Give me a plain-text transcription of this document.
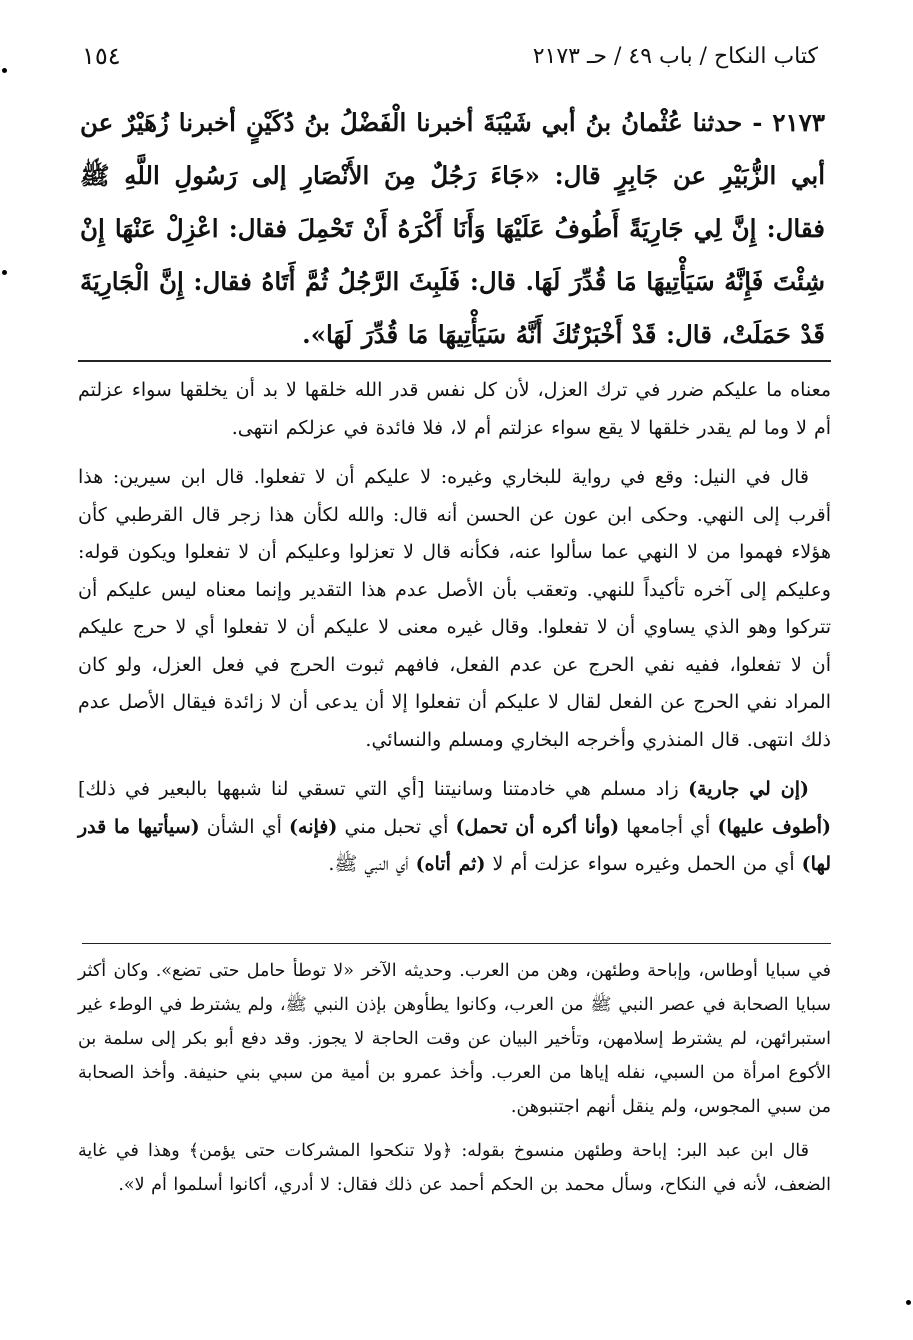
١٥٤	كتاب النكاح / باب ٤٩ / حـ ٢١٧٣
٢١٧٣ - حدثنا عُثْمانُ بنُ أبي شَيْبَةَ أخبرنا الْفَضْلُ بنُ دُكَيْنٍ أخبرنا زُهَيْرٌ عن أبي الزُّبَيْرِ عن جَابِرٍ قال: «جَاءَ رَجُلٌ مِنَ الأَنْصَارِ إلى رَسُولِ اللَّهِ ﷺ فقال: إِنَّ لِي جَارِيَةً أَطُوفُ عَلَيْهَا وَأَنَا أَكْرَهُ أَنْ تَحْمِلَ فقال: اعْزِلْ عَنْهَا إِنْ شِئْتَ فَإِنَّهُ سَيَأْتِيهَا مَا قُدِّرَ لَهَا. قال: فَلَبِثَ الرَّجُلُ ثُمَّ أَتَاهُ فقال: إِنَّ الْجَارِيَةَ قَدْ حَمَلَتْ، قال: قَدْ أَخْبَرْتُكَ أَنَّهُ سَيَأْتِيهَا مَا قُدِّرَ لَهَا».

معناه ما عليكم ضرر في ترك العزل، لأن كل نفس قدر الله خلقها لا بد أن يخلقها سواء عزلتم أم لا وما لم يقدر خلقها لا يقع سواء عزلتم أم لا، فلا فائدة في عزلكم انتهى.

قال في النيل: وقع في رواية للبخاري وغيره: لا عليكم أن لا تفعلوا. قال ابن سيرين: هذا أقرب إلى النهي. وحكى ابن عون عن الحسن أنه قال: والله لكأن هذا زجر قال القرطبي كأن هؤلاء فهموا من لا النهي عما سألوا عنه، فكأنه قال لا تعزلوا وعليكم أن لا تفعلوا ويكون قوله: وعليكم إلى آخره تأكيداً للنهي. وتعقب بأن الأصل عدم هذا التقدير وإنما معناه ليس عليكم أن تتركوا وهو الذي يساوي أن لا تفعلوا. وقال غيره معنى لا عليكم أن لا تفعلوا أي لا حرج عليكم أن لا تفعلوا، ففيه نفي الحرج عن عدم الفعل، فافهم ثبوت الحرج في فعل العزل، ولو كان المراد نفي الحرج عن الفعل لقال لا عليكم أن تفعلوا إلا أن يدعى أن لا زائدة فيقال الأصل عدم ذلك انتهى. قال المنذري وأخرجه البخاري ومسلم والنسائي.

(إن لي جارية) زاد مسلم هي خادمتنا وسانيتنا [أي التي تسقي لنا شبهها بالبعير في ذلك] (أطوف عليها) أي أجامعها (وأنا أكره أن تحمل) أي تحبل مني (فإنه) أي الشأن (سيأتيها ما قدر لها) أي من الحمل وغيره سواء عزلت أم لا (ثم أتاه) أي النبي ﷺ.

في سبايا أوطاس، وإباحة وطئهن، وهن من العرب. وحديثه الآخر «لا توطأ حامل حتى تضع». وكان أكثر سبايا الصحابة في عصر النبي ﷺ من العرب، وكانوا يطأوهن بإذن النبي ﷺ، ولم يشترط في الوطء غير استبرائهن، لم يشترط إسلامهن، وتأخير البيان عن وقت الحاجة لا يجوز. وقد دفع أبو بكر إلى سلمة بن الأكوع امرأة من السبي، نفله إياها من العرب. وأخذ عمرو بن أمية من سبي بني حنيفة. وأخذ الصحابة من سبي المجوس، ولم ينقل أنهم اجتنبوهن.

قال ابن عبد البر: إباحة وطئهن منسوخ بقوله: ﴿ولا تنكحوا المشركات حتى يؤمن﴾ وهذا في غاية الضعف، لأنه في النكاح، وسأل محمد بن الحكم أحمد عن ذلك فقال: لا أدري، أكانوا أسلموا أم لا».
